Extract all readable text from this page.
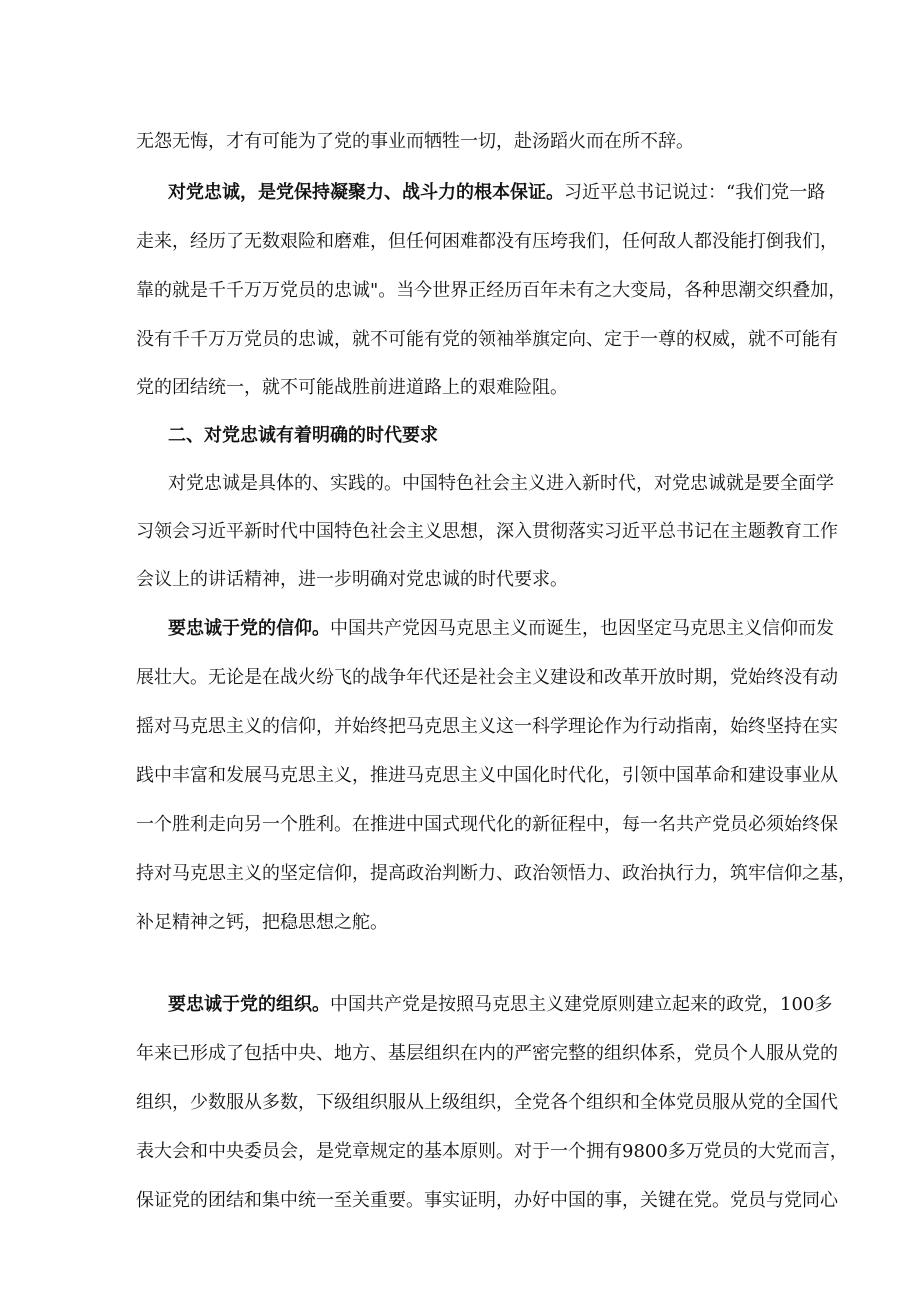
无怨无悔，才有可能为了党的事业而牺牲一切，赴汤蹈火而在所不辞。
对党忠诚，是党保持凝聚力、战斗力的根本保证。习近平总书记说过：“我们党一路
走来，经历了无数艰险和磨难，但任何困难都没有压垮我们，任何敌人都没能打倒我们，
靠的就是千千万万党员的忠诚"。当今世界正经历百年未有之大变局，各种思潮交织叠加，
没有千千万万党员的忠诚，就不可能有党的领袖举旗定向、定于一尊的权威，就不可能有
党的团结统一，就不可能战胜前进道路上的艰难险阻。
二、对党忠诚有着明确的时代要求
对党忠诚是具体的、实践的。中国特色社会主义进入新时代，对党忠诚就是要全面学
习领会习近平新时代中国特色社会主义思想，深入贯彻落实习近平总书记在主题教育工作
会议上的讲话精神，进一步明确对党忠诚的时代要求。
要忠诚于党的信仰。中国共产党因马克思主义而诞生，也因坚定马克思主义信仰而发
展壮大。无论是在战火纷飞的战争年代还是社会主义建设和改革开放时期，党始终没有动
摇对马克思主义的信仰，并始终把马克思主义这一科学理论作为行动指南，始终坚持在实
践中丰富和发展马克思主义，推进马克思主义中国化时代化，引领中国革命和建设事业从
一个胜利走向另一个胜利。在推进中国式现代化的新征程中，每一名共产党员必须始终保
持对马克思主义的坚定信仰，提高政治判断力、政治领悟力、政治执行力，筑牢信仰之基，
补足精神之钙，把稳思想之舵。
要忠诚于党的组织。中国共产党是按照马克思主义建党原则建立起来的政党，100多
年来已形成了包括中央、地方、基层组织在内的严密完整的组织体系，党员个人服从党的
组织，少数服从多数，下级组织服从上级组织，全党各个组织和全体党员服从党的全国代
表大会和中央委员会，是党章规定的基本原则。对于一个拥有9800多万党员的大党而言，
保证党的团结和集中统一至关重要。事实证明，办好中国的事，关键在党。党员与党同心
